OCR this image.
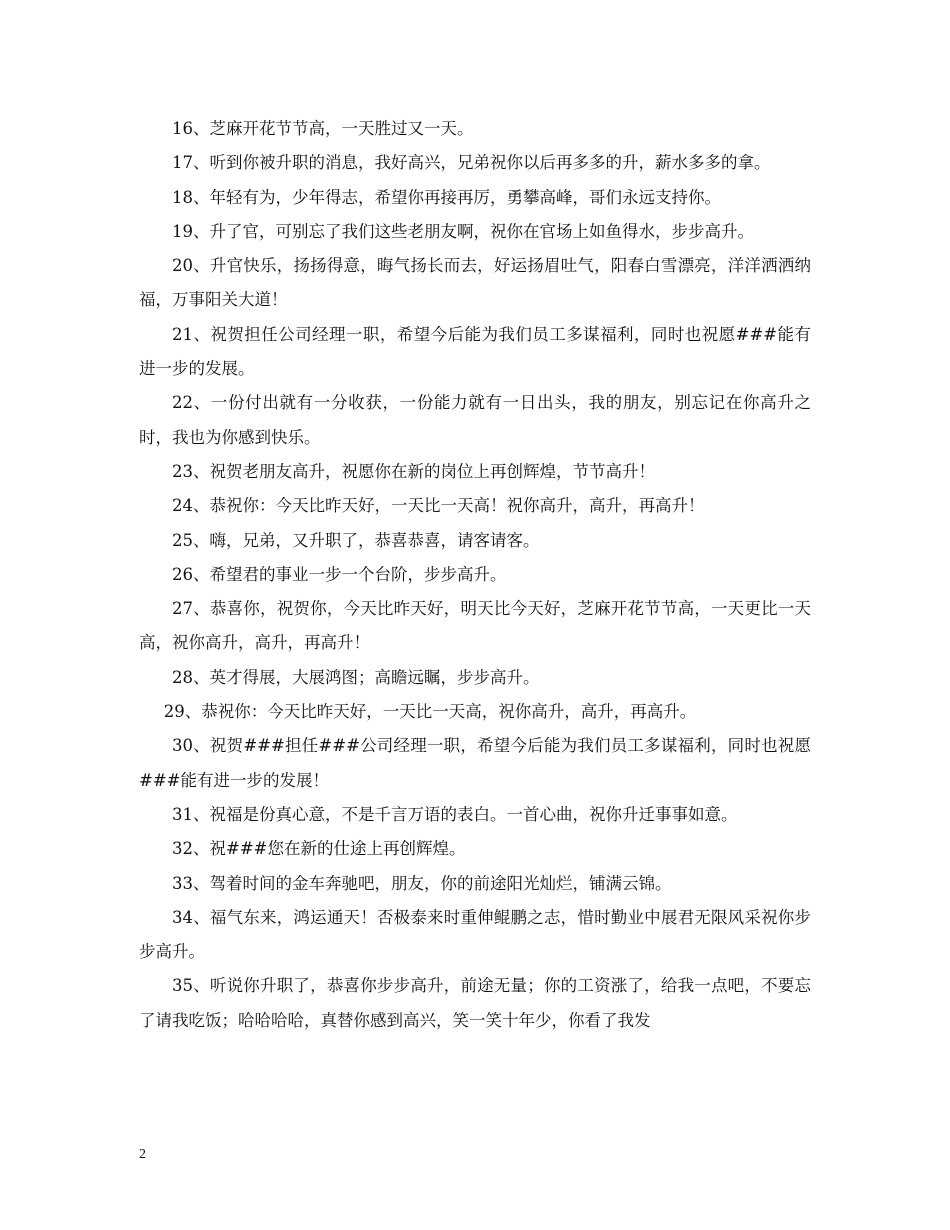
16、芝麻开花节节高，一天胜过又一天。

17、听到你被升职的消息，我好高兴，兄弟祝你以后再多多的升，薪水多多的拿。

18、年轻有为，少年得志，希望你再接再厉，勇攀高峰，哥们永远支持你。

19、升了官，可别忘了我们这些老朋友啊，祝你在官场上如鱼得水，步步高升。

20、升官快乐，扬扬得意，晦气扬长而去，好运扬眉吐气，阳春白雪漂亮，洋洋洒洒纳福，万事阳关大道！

21、祝贺担任公司经理一职，希望今后能为我们员工多谋福利，同时也祝愿###能有进一步的发展。

22、一份付出就有一分收获，一份能力就有一日出头，我的朋友，别忘记在你高升之时，我也为你感到快乐。

23、祝贺老朋友高升，祝愿你在新的岗位上再创辉煌，节节高升！

24、恭祝你：今天比昨天好，一天比一天高！祝你高升，高升，再高升！

25、嗨，兄弟，又升职了，恭喜恭喜，请客请客。

26、希望君的事业一步一个台阶，步步高升。

27、恭喜你，祝贺你，今天比昨天好，明天比今天好，芝麻开花节节高，一天更比一天高，祝你高升，高升，再高升！

28、英才得展，大展鸿图；高瞻远瞩，步步高升。

29、恭祝你：今天比昨天好，一天比一天高，祝你高升，高升，再高升。

30、祝贺###担任###公司经理一职，希望今后能为我们员工多谋福利，同时也祝愿###能有进一步的发展！

31、祝福是份真心意，不是千言万语的表白。一首心曲，祝你升迁事事如意。

32、祝###您在新的仕途上再创辉煌。

33、驾着时间的金车奔驰吧，朋友，你的前途阳光灿烂，铺满云锦。

34、福气东来，鸿运通天！否极泰来时重伸鲲鹏之志，惜时勤业中展君无限风采祝你步步高升。

35、听说你升职了，恭喜你步步高升，前途无量；你的工资涨了，给我一点吧，不要忘了请我吃饭；哈哈哈哈，真替你感到高兴，笑一笑十年少，你看了我发

2
